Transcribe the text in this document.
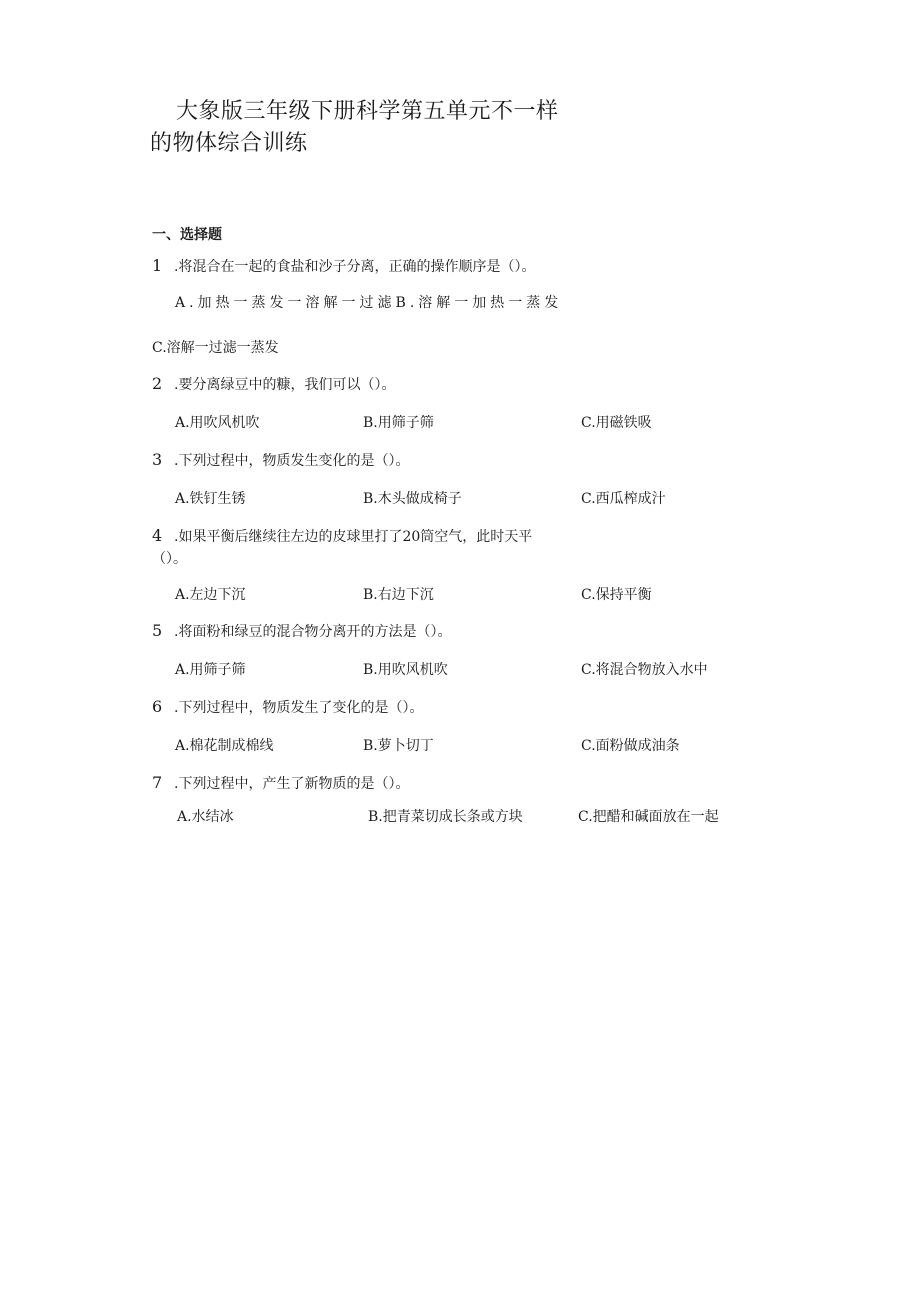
大象版三年级下册科学第五单元不一样
的物体综合训练
一、选择题
1 .将混合在一起的食盐和沙子分离，正确的操作顺序是（）。
A.加热一蒸发一溶解一过滤B.溶解一加热一蒸发
C.溶解一过滤一蒸发
2 .要分离绿豆中的糠，我们可以（）。
A.用吹风机吹	B.用筛子筛	C.用磁铁吸
3 .下列过程中，物质发生变化的是（）。
A.铁钉生锈	B.木头做成椅子	C.西瓜榨成汁
4 .如果平衡后继续往左边的皮球里打了20筒空气，此时天平
（）。
A.左边下沉	B.右边下沉	C.保持平衡
5 .将面粉和绿豆的混合物分离开的方法是（）。
A.用筛子筛	B.用吹风机吹	C.将混合物放入水中
6 .下列过程中，物质发生了变化的是（）。
A.棉花制成棉线	B.萝卜切丁	C.面粉做成油条
7 .下列过程中，产生了新物质的是（）。
A.水结冰	B.把青菜切成长条或方块	C.把醋和碱面放在一起
